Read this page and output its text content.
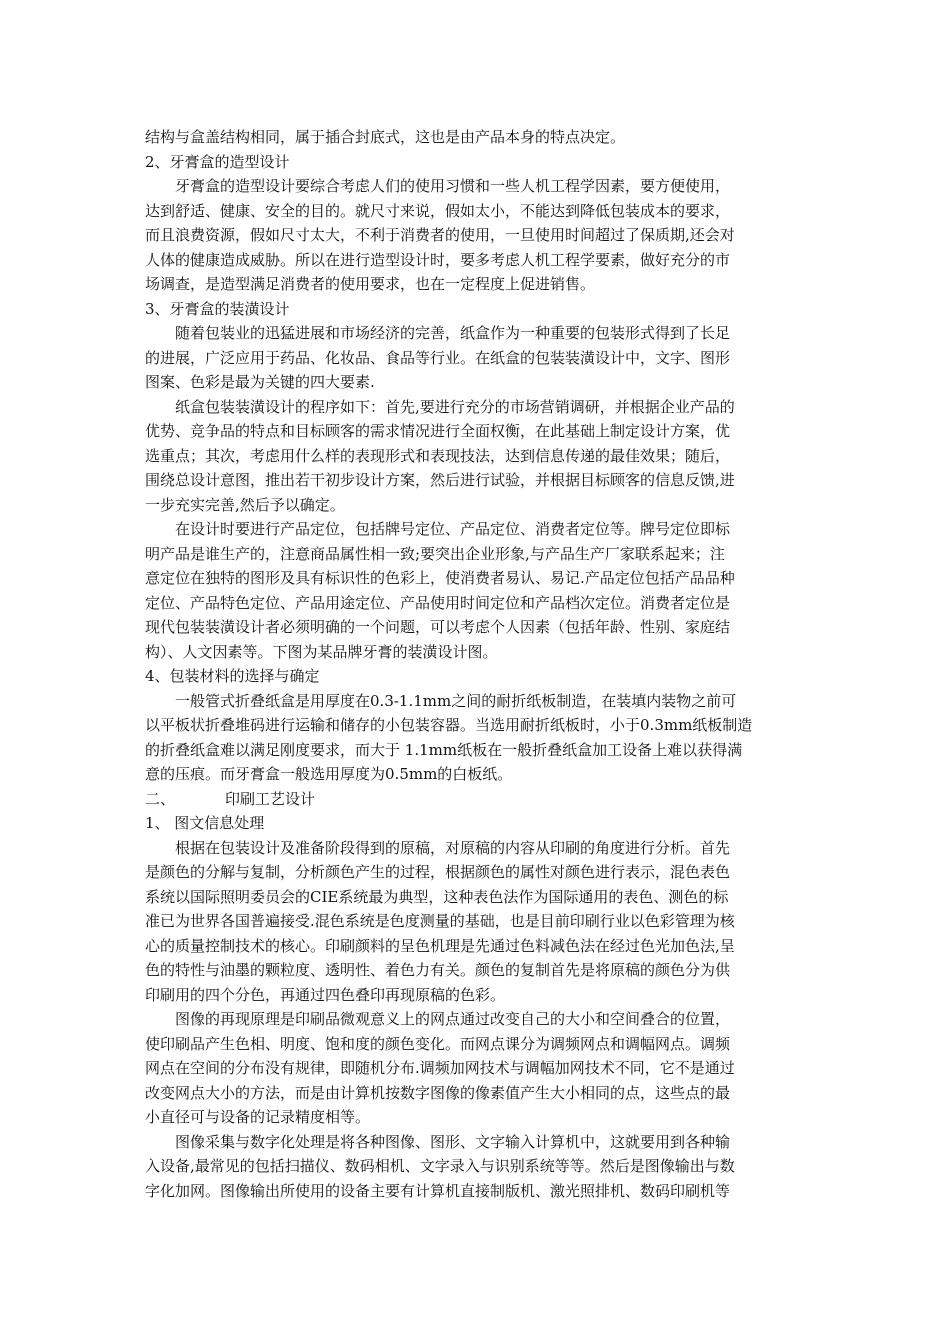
结构与盒盖结构相同，属于插合封底式，这也是由产品本身的特点决定。
2、牙膏盒的造型设计
　　牙膏盒的造型设计要综合考虑人们的使用习惯和一些人机工程学因素，要方便使用，
达到舒适、健康、安全的目的。就尺寸来说，假如太小，不能达到降低包装成本的要求，
而且浪费资源，假如尺寸太大，不利于消费者的使用，一旦使用时间超过了保质期,还会对
人体的健康造成威胁。所以在进行造型设计时，要多考虑人机工程学要素，做好充分的市
场调查，是造型满足消费者的使用要求，也在一定程度上促进销售。
3、牙膏盒的装潢设计
　　随着包装业的迅猛进展和市场经济的完善，纸盒作为一种重要的包装形式得到了长足
的进展，广泛应用于药品、化妆品、食品等行业。在纸盒的包装装潢设计中，文字、图形
图案、色彩是最为关键的四大要素.
　　纸盒包装装潢设计的程序如下：首先,要进行充分的市场营销调研，并根据企业产品的
优势、竞争品的特点和目标顾客的需求情况进行全面权衡，在此基础上制定设计方案，优
选重点；其次，考虑用什么样的表现形式和表现技法，达到信息传递的最佳效果；随后，
围绕总设计意图，推出若干初步设计方案，然后进行试验，并根据目标顾客的信息反馈,进
一步充实完善,然后予以确定。
　　在设计时要进行产品定位，包括牌号定位、产品定位、消费者定位等。牌号定位即标
明产品是谁生产的，注意商品属性相一致;要突出企业形象,与产品生产厂家联系起来；注
意定位在独特的图形及具有标识性的色彩上，使消费者易认、易记.产品定位包括产品品种
定位、产品特色定位、产品用途定位、产品使用时间定位和产品档次定位。消费者定位是
现代包装装潢设计者必须明确的一个问题，可以考虑个人因素（包括年龄、性别、家庭结
构）、人文因素等。下图为某品牌牙膏的装潢设计图。
4、包装材料的选择与确定
　　一般管式折叠纸盒是用厚度在0.3-1.1mm之间的耐折纸板制造，在装填内装物之前可
以平板状折叠堆码进行运输和储存的小包装容器。当选用耐折纸板时，小于0.3mm纸板制造
的折叠纸盒难以满足刚度要求，而大于 1.1mm纸板在一般折叠纸盒加工设备上难以获得满
意的压痕。而牙膏盒一般选用厚度为0.5mm的白板纸。
二、	印刷工艺设计
1、 图文信息处理
　　根据在包装设计及准备阶段得到的原稿，对原稿的内容从印刷的角度进行分析。首先
是颜色的分解与复制，分析颜色产生的过程，根据颜色的属性对颜色进行表示，混色表色
系统以国际照明委员会的CIE系统最为典型，这种表色法作为国际通用的表色、测色的标
准已为世界各国普遍接受.混色系统是色度测量的基础，也是目前印刷行业以色彩管理为核
心的质量控制技术的核心。印刷颜料的呈色机理是先通过色料减色法在经过色光加色法,呈
色的特性与油墨的颗粒度、透明性、着色力有关。颜色的复制首先是将原稿的颜色分为供
印刷用的四个分色，再通过四色叠印再现原稿的色彩。
　　图像的再现原理是印刷品微观意义上的网点通过改变自己的大小和空间叠合的位置，
使印刷品产生色相、明度、饱和度的颜色变化。而网点课分为调频网点和调幅网点。调频
网点在空间的分布没有规律，即随机分布.调频加网技术与调幅加网技术不同，它不是通过
改变网点大小的方法，而是由计算机按数字图像的像素值产生大小相同的点，这些点的最
小直径可与设备的记录精度相等。
　　图像采集与数字化处理是将各种图像、图形、文字输入计算机中，这就要用到各种输
入设备,最常见的包括扫描仪、数码相机、文字录入与识别系统等等。然后是图像输出与数
字化加网。图像输出所使用的设备主要有计算机直接制版机、激光照排机、数码印刷机等
